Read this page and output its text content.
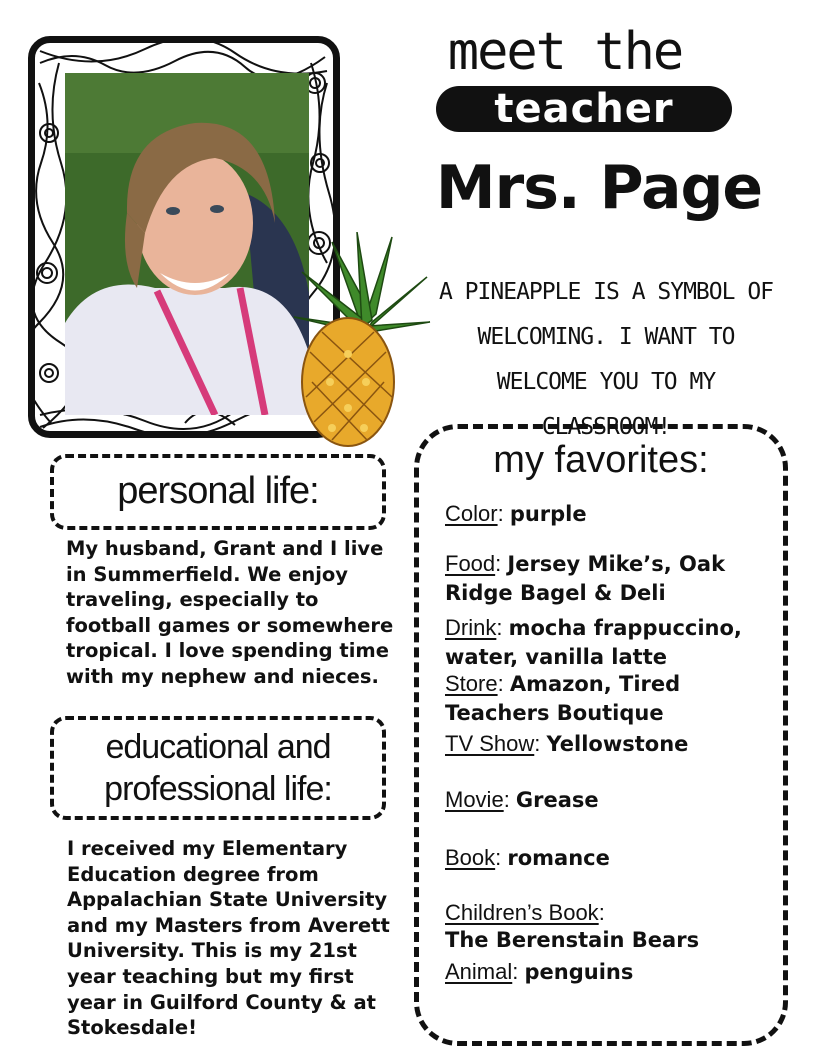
meet the
teacher
Mrs. Page
A PINEAPPLE IS A SYMBOL OF WELCOMING. I WANT TO WELCOME YOU TO MY CLASSROOM!
personal life:
My husband, Grant and I live in Summerfield. We enjoy traveling, especially to football games or somewhere tropical. I love spending time with my nephew and nieces.
educational and
professional life:
I received my Elementary Education degree from Appalachian State University and my Masters from Averett University. This is my 21st year teaching but my first year in Guilford County & at Stokesdale!
my favorites:
Color: purple
Food: Jersey Mike’s, Oak Ridge Bagel & Deli
Drink: mocha frappuccino, water, vanilla latte
Store: Amazon, Tired Teachers Boutique
TV Show: Yellowstone
Movie: Grease
Book: romance
Children’s Book:
The Berenstain Bears
Animal: penguins
